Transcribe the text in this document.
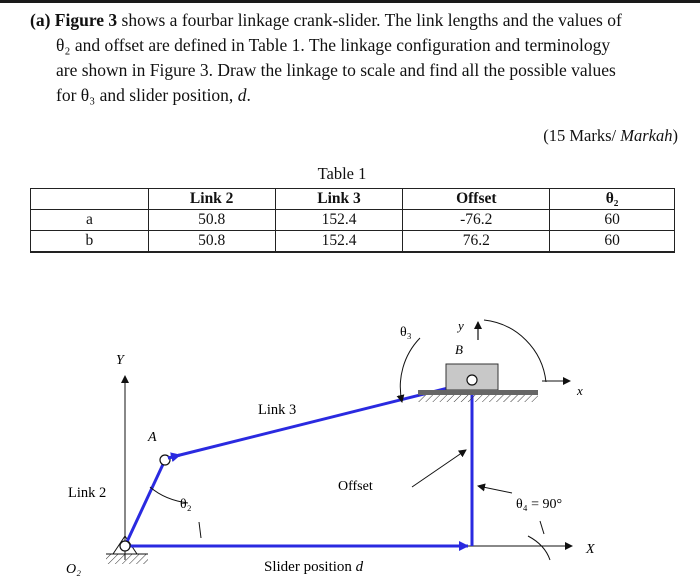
(a) Figure 3 shows a fourbar linkage crank-slider. The link lengths and the values of

θ₂ and offset are defined in Table 1. The linkage configuration and terminology

are shown in Figure 3. Draw the linkage to scale and find all the possible values

for θ₃ and slider position, d.

(15 Marks/ Markah)
Table 1
	Link 2	Link 3	Offset	θ₂
a	50.8	152.4	-76.2	60
b	50.8	152.4	76.2	60
Y
X
A
Link 2
O₂
θ₂
Link 3
Offset
B
y
x
θ₃
θ₄ = 90°
Slider position d
